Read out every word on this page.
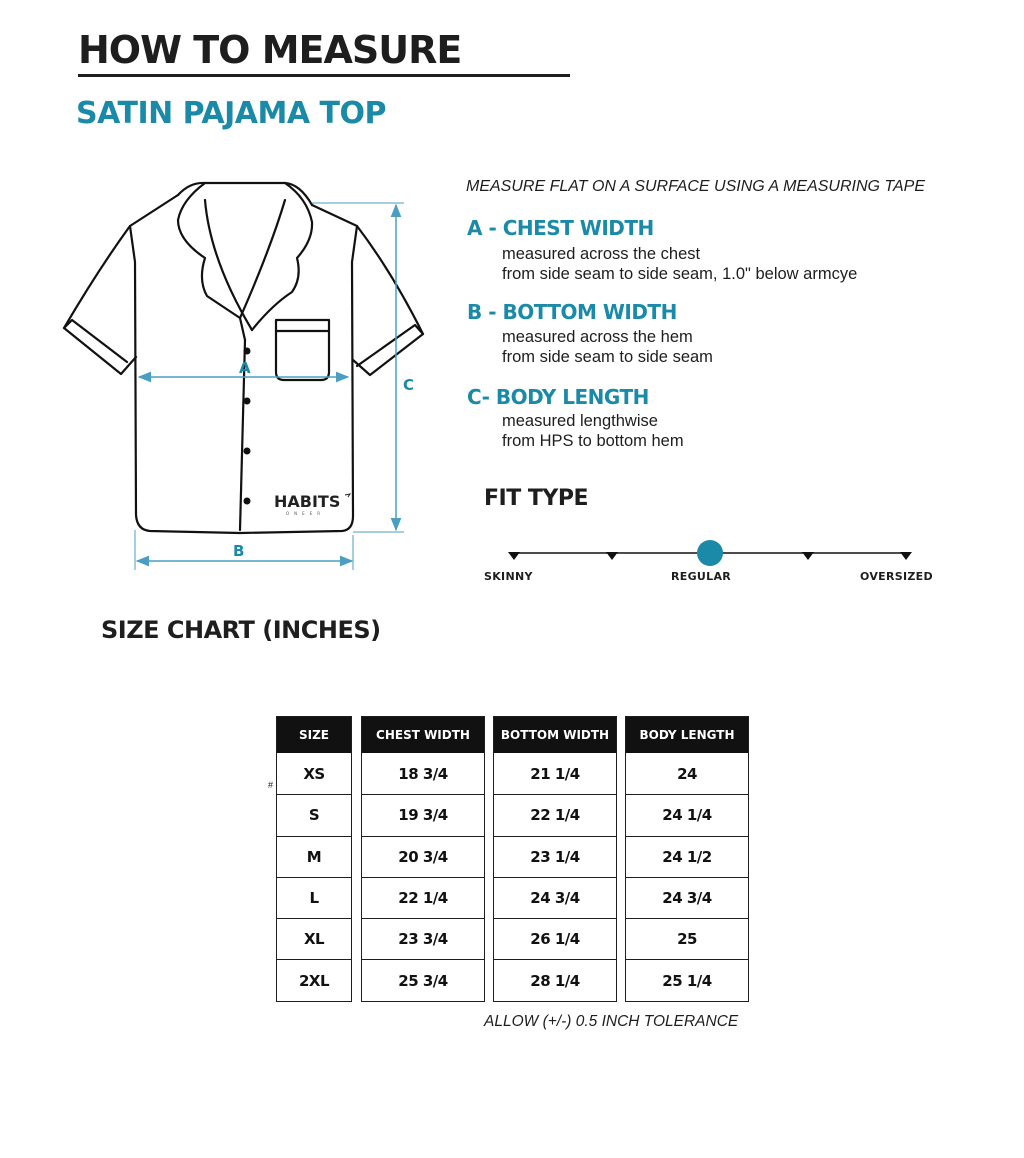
HOW TO MEASURE
SATIN PAJAMA TOP
HABITS
ONEER
A
C
B
MEASURE FLAT ON A SURFACE USING A MEASURING TAPE
A - CHEST WIDTH
measured across the chest
from side seam to side seam, 1.0" below armcye
B - BOTTOM WIDTH
measured across the hem
from side seam to side seam
C- BODY LENGTH
measured lengthwise
from HPS to bottom hem
FIT TYPE
SKINNY	REGULAR	OVERSIZED
SIZE CHART (INCHES)
#
SIZE
XS
S
M
L
XL
2XL
CHEST WIDTH
18 3/4
19 3/4
20 3/4
22 1/4
23 3/4
25 3/4
BOTTOM WIDTH
21 1/4
22 1/4
23 1/4
24 3/4
26 1/4
28 1/4
BODY LENGTH
24
24 1/4
24 1/2
24 3/4
25
25 1/4
ALLOW (+/-) 0.5 INCH TOLERANCE
